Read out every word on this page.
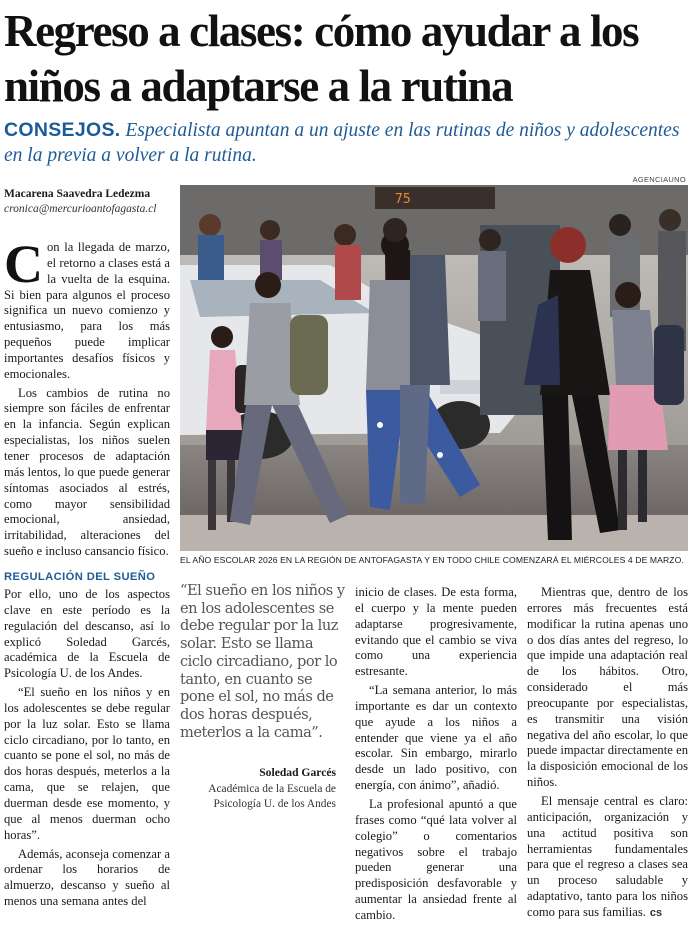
Regreso a clases: cómo ayudar a los niños a adaptarse a la rutina
CONSEJOS. Especialista apuntan a un ajuste en las rutinas de niños y adolescentes en la previa a volver a la rutina.
Macarena Saavedra Ledezma
cronica@mercurioantofagasta.cl
AGENCIAUNO
75
EL AÑO ESCOLAR 2026 EN LA REGIÓN DE ANTOFAGASTA Y EN TODO CHILE COMENZARÁ EL MIÉRCOLES 4 DE MARZO.

Con la llegada de marzo, el retorno a clases está a la vuelta de la esquina. Si bien para algunos el proceso significa un nuevo comienzo y entusiasmo, para los más pequeños puede implicar importantes desafíos físicos y emocionales.

Los cambios de rutina no siempre son fáciles de enfrentar en la infancia. Según explican especialistas, los niños suelen tener procesos de adaptación más lentos, lo que puede generar síntomas asociados al estrés, como mayor sensibilidad emocional, ansiedad, irritabilidad, alteraciones del sueño e incluso cansancio físico.

REGULACIÓN DEL SUEÑO

Por ello, uno de los aspectos clave en este período es la regulación del descanso, así lo explicó Soledad Garcés, académica de la Escuela de Psicología U. de los Andes.

“El sueño en los niños y en los adolescentes se debe regular por la luz solar. Esto se llama ciclo circadiano, por lo tanto, en cuanto se pone el sol, no más de dos horas después, meterlos a la cama, que se relajen, que duerman desde ese momento, y que al menos duerman ocho horas”.

Además, aconseja comenzar a ordenar los horarios de almuerzo, descanso y sueño al menos una semana antes del

“El sueño en los niños y en los adolescentes se debe regular por la luz solar. Esto se llama ciclo circadiano, por lo tanto, en cuanto se pone el sol, no más de dos horas después, meterlos a la cama”.
Soledad Garcés
Académica de la Escuela de Psicología U. de los Andes

inicio de clases. De esta forma, el cuerpo y la mente pueden adaptarse progresivamente, evitando que el cambio se viva como una experiencia estresante.

“La semana anterior, lo más importante es dar un contexto que ayude a los niños a entender que viene ya el año escolar. Sin embargo, mirarlo desde un lado positivo, con energía, con ánimo”, añadió.

La profesional apuntó a que frases como “qué lata volver al colegio” o comentarios negativos sobre el trabajo pueden generar una predisposición desfavorable y aumentar la ansiedad frente al cambio.

Mientras que, dentro de los errores más frecuentes está modificar la rutina apenas uno o dos días antes del regreso, lo que impide una adaptación real de los hábitos. Otro, considerado el más preocupante por especialistas, es transmitir una visión negativa del año escolar, lo que puede impactar directamente en la disposición emocional de los niños.

El mensaje central es claro: anticipación, organización y una actitud positiva son herramientas fundamentales para que el regreso a clases sea un proceso saludable y adaptativo, tanto para los niños como para sus familias. cs
